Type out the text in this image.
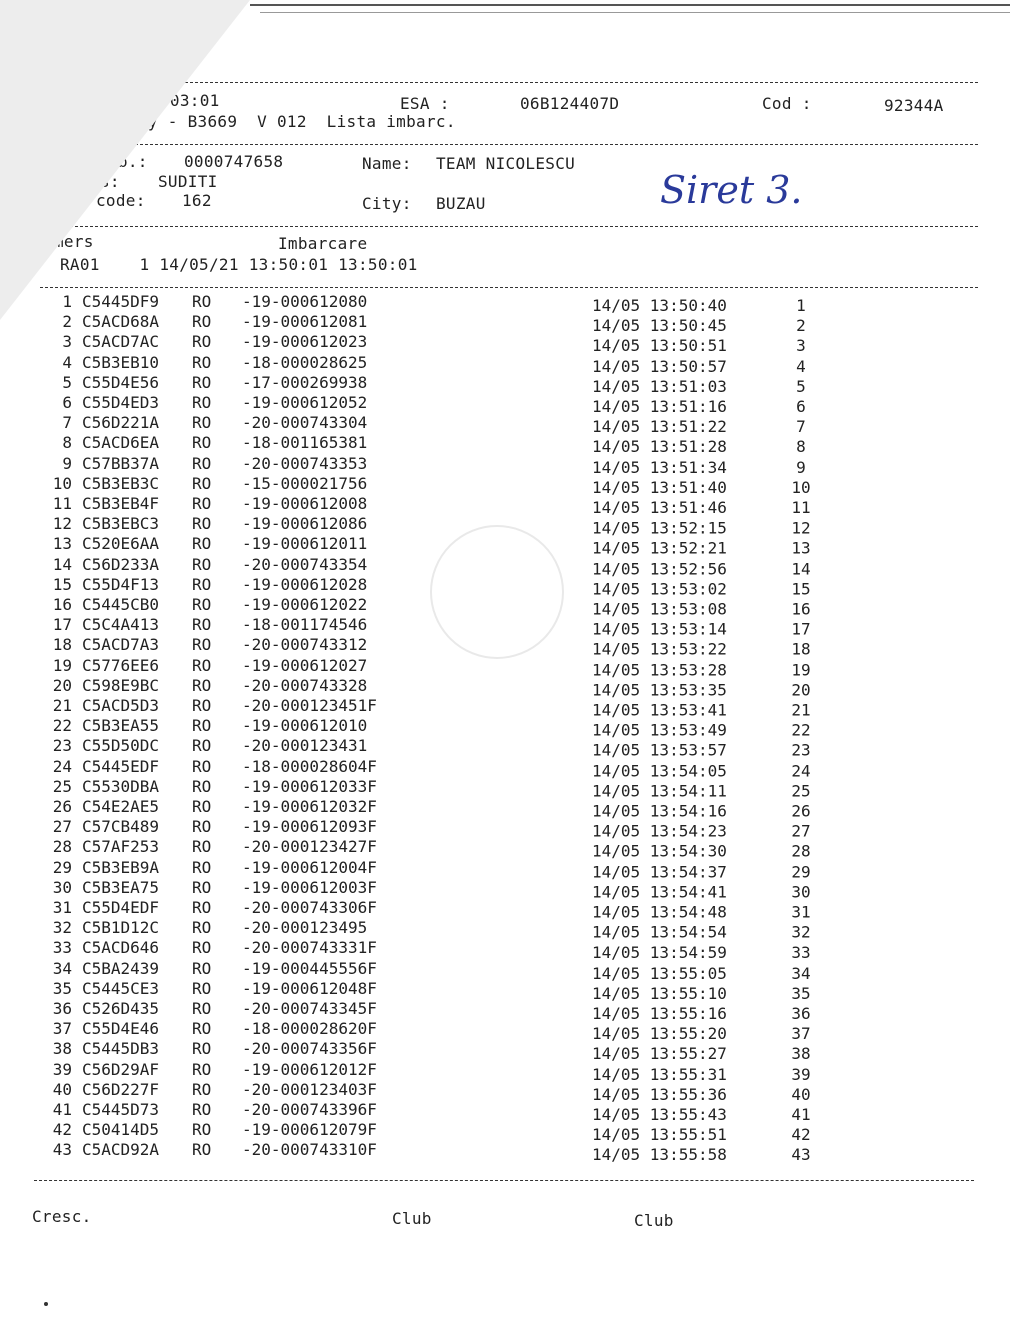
:03:01	ESA :	06B124407D	Cod :	92344A
edy - B3669  V 012  Lista imbarc.
mb.: 0000747658	Name: TEAM NICOLESCU
s: SUDITI
code: 162	City: BUZAU	Siret 3.
mers	Imbarcare
RA01    1 14/05/21 13:50:01 13:50:01
1 C5445DF9 RO -19-000612080	14/05 13:50:40	1
2 C5ACD68A RO -19-000612081	14/05 13:50:45	2
3 C5ACD7AC RO -19-000612023	14/05 13:50:51	3
4 C5B3EB10 RO -18-000028625	14/05 13:50:57	4
5 C55D4E56 RO -17-000269938	14/05 13:51:03	5
6 C55D4ED3 RO -19-000612052	14/05 13:51:16	6
7 C56D221A RO -20-000743304	14/05 13:51:22	7
8 C5ACD6EA RO -18-001165381	14/05 13:51:28	8
9 C57BB37A RO -20-000743353	14/05 13:51:34	9
10 C5B3EB3C RO -15-000021756	14/05 13:51:40	10
11 C5B3EB4F RO -19-000612008	14/05 13:51:46	11
12 C5B3EBC3 RO -19-000612086	14/05 13:52:15	12
13 C520E6AA RO -19-000612011	14/05 13:52:21	13
14 C56D233A RO -20-000743354	14/05 13:52:56	14
15 C55D4F13 RO -19-000612028	14/05 13:53:02	15
16 C5445CB0 RO -19-000612022	14/05 13:53:08	16
17 C5C4A413 RO -18-001174546	14/05 13:53:14	17
18 C5ACD7A3 RO -20-000743312	14/05 13:53:22	18
19 C5776EE6 RO -19-000612027	14/05 13:53:28	19
20 C598E9BC RO -20-000743328	14/05 13:53:35	20
21 C5ACD5D3 RO -20-000123451F	14/05 13:53:41	21
22 C5B3EA55 RO -19-000612010	14/05 13:53:49	22
23 C55D50DC RO -20-000123431	14/05 13:53:57	23
24 C5445EDF RO -18-000028604F	14/05 13:54:05	24
25 C5530DBA RO -19-000612033F	14/05 13:54:11	25
26 C54E2AE5 RO -19-000612032F	14/05 13:54:16	26
27 C57CB489 RO -19-000612093F	14/05 13:54:23	27
28 C57AF253 RO -20-000123427F	14/05 13:54:30	28
29 C5B3EB9A RO -19-000612004F	14/05 13:54:37	29
30 C5B3EA75 RO -19-000612003F	14/05 13:54:41	30
31 C55D4EDF RO -20-000743306F	14/05 13:54:48	31
32 C5B1D12C RO -20-000123495	14/05 13:54:54	32
33 C5ACD646 RO -20-000743331F	14/05 13:54:59	33
34 C5BA2439 RO -19-000445556F	14/05 13:55:05	34
35 C5445CE3 RO -19-000612048F	14/05 13:55:10	35
36 C526D435 RO -20-000743345F	14/05 13:55:16	36
37 C55D4E46 RO -18-000028620F	14/05 13:55:20	37
38 C5445DB3 RO -20-000743356F	14/05 13:55:27	38
39 C56D29AF RO -19-000612012F	14/05 13:55:31	39
40 C56D227F RO -20-000123403F	14/05 13:55:36	40
41 C5445D73 RO -20-000743396F	14/05 13:55:43	41
42 C50414D5 RO -19-000612079F	14/05 13:55:51	42
43 C5ACD92A RO -20-000743310F	14/05 13:55:58	43
Cresc.	Club	Club
